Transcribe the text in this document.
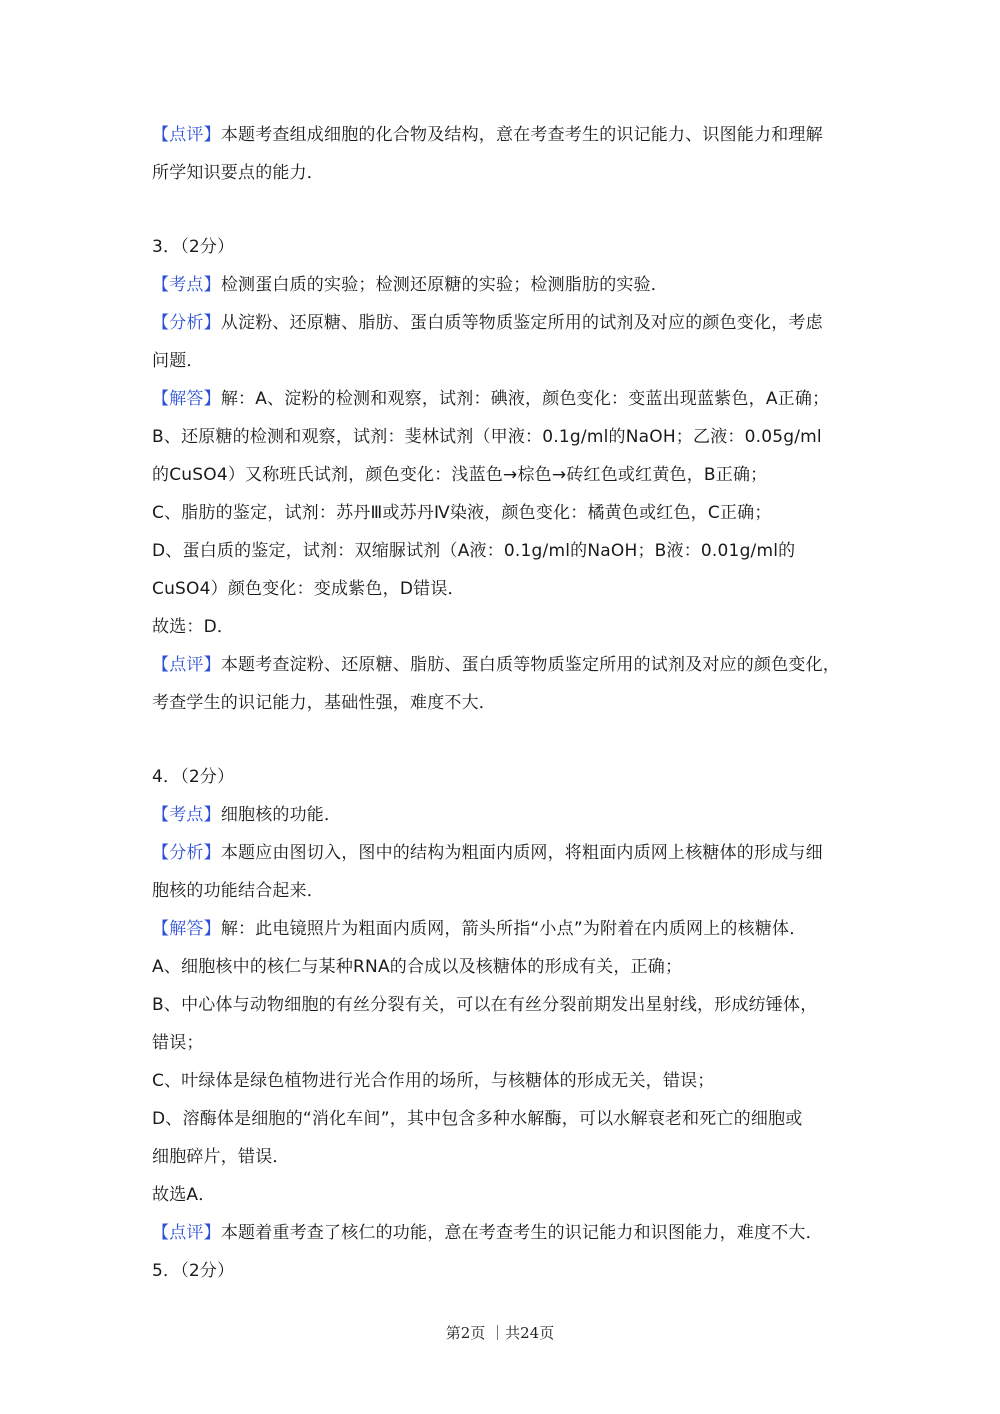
【点评】本题考查组成细胞的化合物及结构，意在考查考生的识记能力、识图能力和理解
所学知识要点的能力．
3．（2分）
【考点】检测蛋白质的实验；检测还原糖的实验；检测脂肪的实验．
【分析】从淀粉、还原糖、脂肪、蛋白质等物质鉴定所用的试剂及对应的颜色变化，考虑
问题．
【解答】解：A、淀粉的检测和观察，试剂：碘液，颜色变化：变蓝出现蓝紫色，A正确；
B、还原糖的检测和观察，试剂：斐林试剂（甲液：0.1g/ml的NaOH；乙液：0.05g/ml
的CuSO4）又称班氏试剂，颜色变化：浅蓝色→棕色→砖红色或红黄色，B正确；
C、脂肪的鉴定，试剂：苏丹Ⅲ或苏丹Ⅳ染液，颜色变化：橘黄色或红色，C正确；
D、蛋白质的鉴定，试剂：双缩脲试剂（A液：0.1g/ml的NaOH；B液：0.01g/ml的
CuSO4）颜色变化：变成紫色，D错误．
故选：D．
【点评】本题考查淀粉、还原糖、脂肪、蛋白质等物质鉴定所用的试剂及对应的颜色变化，
考查学生的识记能力，基础性强，难度不大．
4．（2分）
【考点】细胞核的功能．
【分析】本题应由图切入，图中的结构为粗面内质网，将粗面内质网上核糖体的形成与细
胞核的功能结合起来．
【解答】解：此电镜照片为粗面内质网，箭头所指“小点”为附着在内质网上的核糖体．
A、细胞核中的核仁与某种RNA的合成以及核糖体的形成有关，正确；
B、中心体与动物细胞的有丝分裂有关，可以在有丝分裂前期发出星射线，形成纺锤体，
错误；
C、叶绿体是绿色植物进行光合作用的场所，与核糖体的形成无关，错误；
D、溶酶体是细胞的“消化车间”，其中包含多种水解酶，可以水解衰老和死亡的细胞或
细胞碎片，错误．
故选A．
【点评】本题着重考查了核仁的功能，意在考查考生的识记能力和识图能力，难度不大．
5．（2分）
第2页 ｜共24页
